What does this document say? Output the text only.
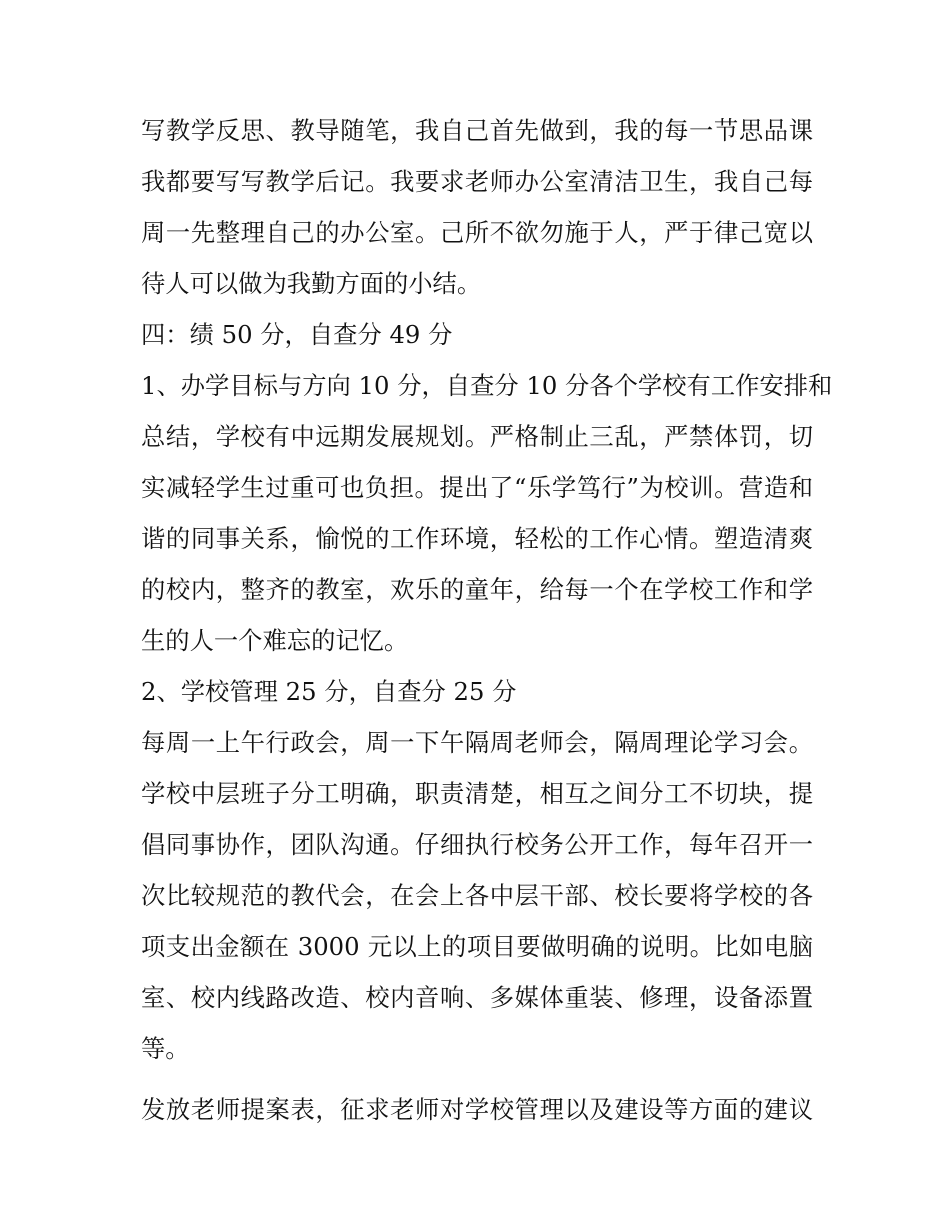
写教学反思、教导随笔，我自己首先做到，我的每一节思品课
我都要写写教学后记。我要求老师办公室清洁卫生，我自己每
周一先整理自己的办公室。己所不欲勿施于人，严于律己宽以
待人可以做为我勤方面的小结。
四：绩 50 分，自查分 49 分
1、办学目标与方向 10 分，自查分 10 分各个学校有工作安排和
总结，学校有中远期发展规划。严格制止三乱，严禁体罚，切
实减轻学生过重可也负担。提出了“乐学笃行”为校训。营造和
谐的同事关系，愉悦的工作环境，轻松的工作心情。塑造清爽
的校内，整齐的教室，欢乐的童年，给每一个在学校工作和学
生的人一个难忘的记忆。
2、学校管理 25 分，自查分 25 分
每周一上午行政会，周一下午隔周老师会，隔周理论学习会。
学校中层班子分工明确，职责清楚，相互之间分工不切块，提
倡同事协作，团队沟通。仔细执行校务公开工作，每年召开一
次比较规范的教代会，在会上各中层干部、校长要将学校的各
项支出金额在 3000 元以上的项目要做明确的说明。比如电脑
室、校内线路改造、校内音响、多媒体重装、修理，设备添置
等。
发放老师提案表，征求老师对学校管理以及建设等方面的建议
